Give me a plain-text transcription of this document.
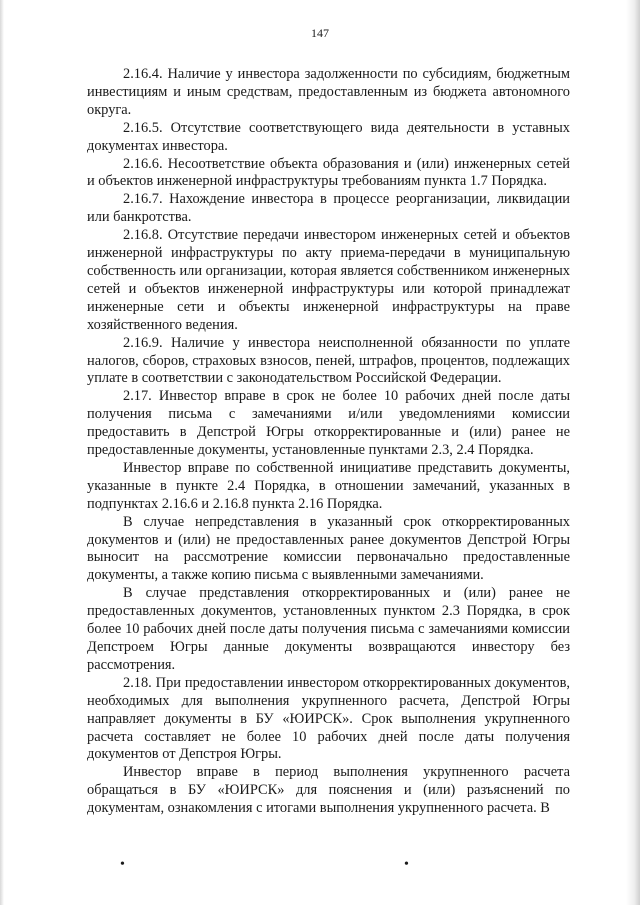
147

2.16.4. Наличие у инвестора задолженности по субсидиям, бюджетным инвестициям и иным средствам, предоставленным из бюджета автономного округа.

2.16.5. Отсутствие соответствующего вида деятельности в уставных документах инвестора.

2.16.6. Несоответствие объекта образования и (или) инженерных сетей и объектов инженерной инфраструктуры требованиям пункта 1.7 Порядка.

2.16.7. Нахождение инвестора в процессе реорганизации, ликвидации или банкротства.

2.16.8. Отсутствие передачи инвестором инженерных сетей и объектов инженерной инфраструктуры по акту приема-передачи в муниципальную собственность или организации, которая является собственником инженерных сетей и объектов инженерной инфраструктуры или которой принадлежат инженерные сети и объекты инженерной инфраструктуры на праве хозяйственного ведения.

2.16.9. Наличие у инвестора неисполненной обязанности по уплате налогов, сборов, страховых взносов, пеней, штрафов, процентов, подлежащих уплате в соответствии с законодательством Российской Федерации.

2.17. Инвестор вправе в срок не более 10 рабочих дней после даты получения письма с замечаниями и/или уведомлениями комиссии предоставить в Депстрой Югры откорректированные и (или) ранее не предоставленные документы, установленные пунктами 2.3, 2.4 Порядка.

Инвестор вправе по собственной инициативе представить документы, указанные в пункте 2.4 Порядка, в отношении замечаний, указанных в подпунктах 2.16.6 и 2.16.8 пункта 2.16 Порядка.

В случае непредставления в указанный срок откорректированных документов и (или) не предоставленных ранее документов Депстрой Югры выносит на рассмотрение комиссии первоначально предоставленные документы, а также копию письма с выявленными замечаниями.

В случае представления откорректированных и (или) ранее не предоставленных документов, установленных пунктом 2.3 Порядка, в срок более 10 рабочих дней после даты получения письма с замечаниями комиссии Депстроем Югры данные документы возвращаются инвестору без рассмотрения.

2.18. При предоставлении инвестором откорректированных документов, необходимых для выполнения укрупненного расчета, Депстрой Югры направляет документы в БУ «ЮИРСК». Срок выполнения укрупненного расчета составляет не более 10 рабочих дней после даты получения документов от Депстроя Югры.

Инвестор вправе в период выполнения укрупненного расчета обращаться в БУ «ЮИРСК» для пояснения и (или) разъяснений по документам, ознакомления с итогами выполнения укрупненного расчета. В

•	•
